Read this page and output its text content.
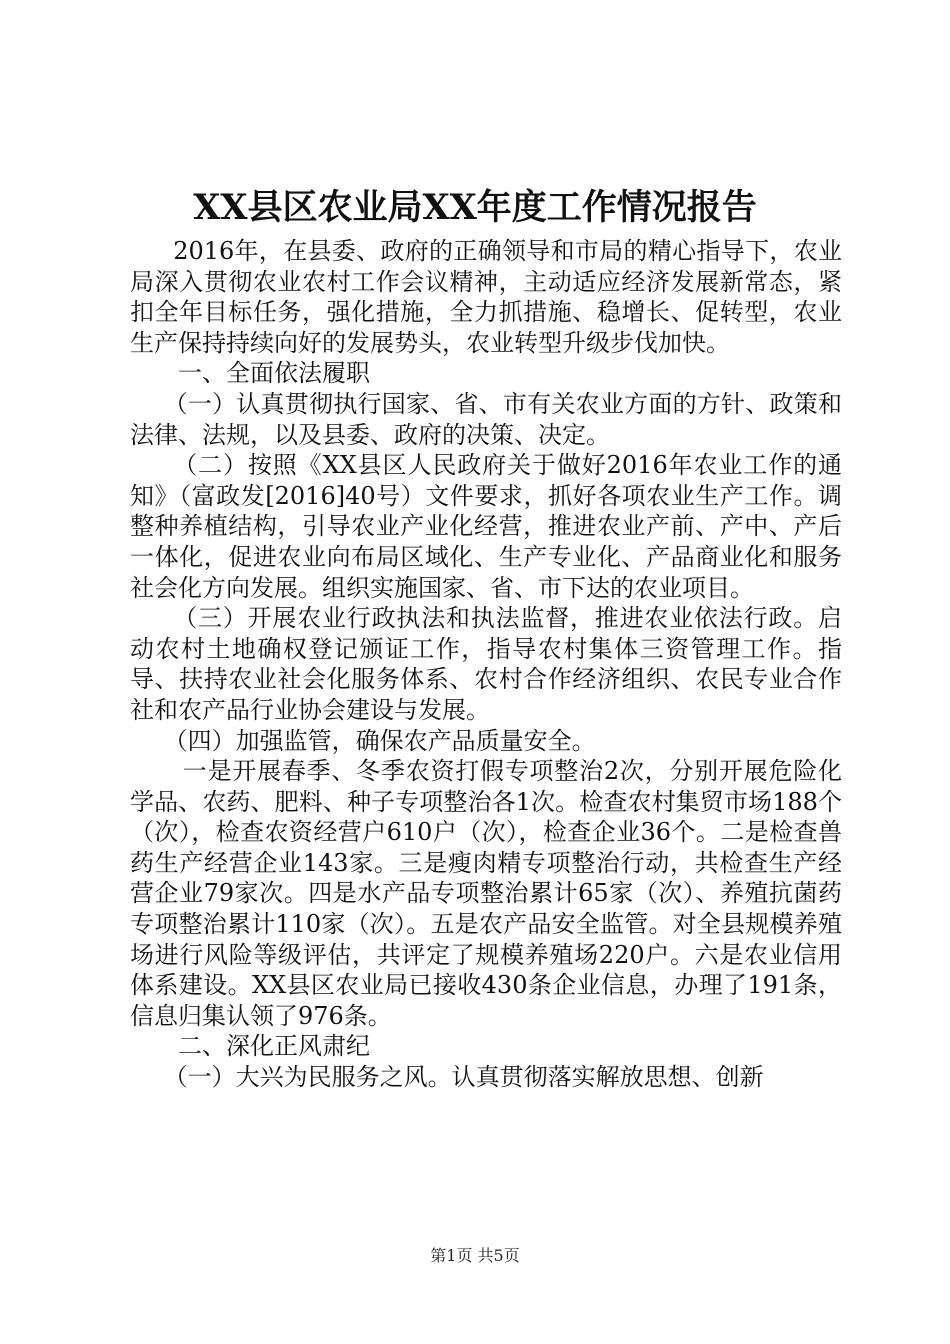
XX县区农业局XX年度工作情况报告

2016年，在县委、政府的正确领导和市局的精心指导下，农业局深入贯彻农业农村工作会议精神，主动适应经济发展新常态，紧扣全年目标任务，强化措施，全力抓措施、稳增长、促转型，农业生产保持持续向好的发展势头，农业转型升级步伐加快。

一、全面依法履职

（一）认真贯彻执行国家、省、市有关农业方面的方针、政策和法律、法规，以及县委、政府的决策、决定。

（二）按照《XX县区人民政府关于做好2016年农业工作的通知》（富政发[2016]40号）文件要求，抓好各项农业生产工作。调整种养植结构，引导农业产业化经营，推进农业产前、产中、产后一体化，促进农业向布局区域化、生产专业化、产品商业化和服务社会化方向发展。组织实施国家、省、市下达的农业项目。

（三）开展农业行政执法和执法监督，推进农业依法行政。启动农村土地确权登记颁证工作，指导农村集体三资管理工作。指导、扶持农业社会化服务体系、农村合作经济组织、农民专业合作社和农产品行业协会建设与发展。

（四）加强监管，确保农产品质量安全。

一是开展春季、冬季农资打假专项整治2次，分别开展危险化学品、农药、肥料、种子专项整治各1次。检查农村集贸市场188个（次），检查农资经营户610户（次），检查企业36个。二是检查兽药生产经营企业143家。三是瘦肉精专项整治行动，共检查生产经营企业79家次。四是水产品专项整治累计65家（次）、养殖抗菌药专项整治累计110家（次）。五是农产品安全监管。对全县规模养殖场进行风险等级评估，共评定了规模养殖场220户。六是农业信用体系建设。XX县区农业局已接收430条企业信息，办理了191条，信息归集认领了976条。

二、深化正风肃纪

（一）大兴为民服务之风。认真贯彻落实解放思想、创新

第1页 共5页
